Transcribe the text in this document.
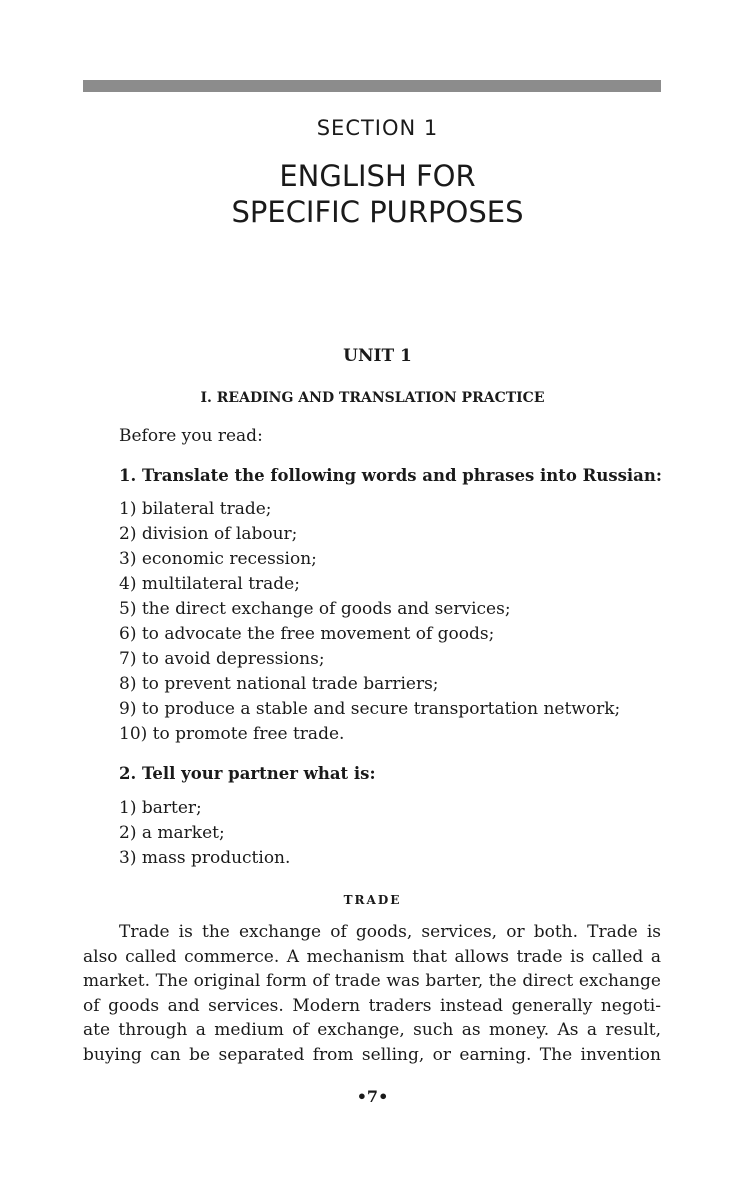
SECTION 1
ENGLISH FOR
SPECIFIC PURPOSES
UNIT 1
I. READING AND TRANSLATION PRACTICE
Before you read:
1. Translate the following words and phrases into Russian:
1) bilateral trade;
2) division of labour;
3) economic recession;
4) multilateral trade;
5) the direct exchange of goods and services;
6) to advocate the free movement of goods;
7) to avoid depressions;
8) to prevent national trade barriers;
9) to produce a stable and secure transportation network;
10) to promote free trade.
2. Tell your partner what is:
1) barter;
2) a market;
3) mass production.
TRADE

Trade is the exchange of goods, services, or both. Trade is
also called commerce. A mechanism that allows trade is called a
market. The original form of trade was barter, the direct exchange
of goods and services. Modern traders instead generally negoti-
ate through a medium of exchange, such as money. As a result,
buying can be separated from selling, or earning. The invention

•7•
